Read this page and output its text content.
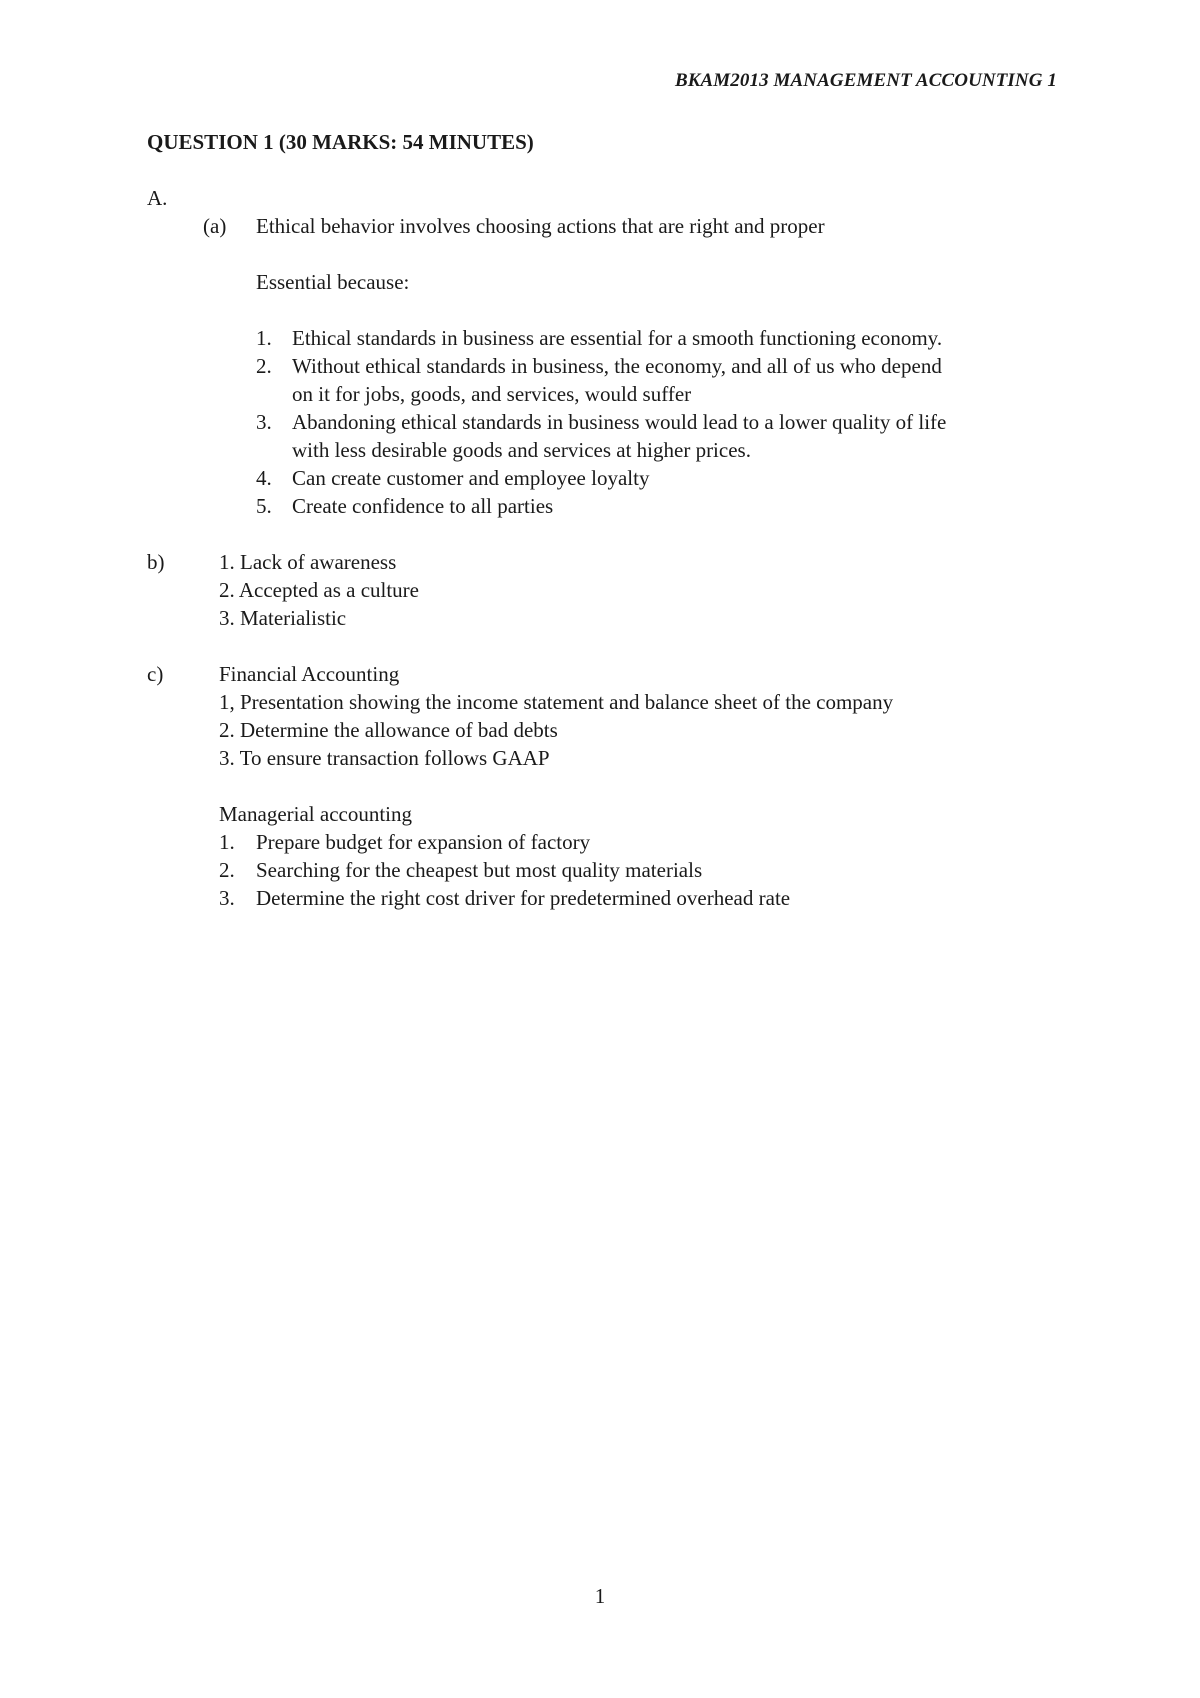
BKAM2013 MANAGEMENT ACCOUNTING 1
QUESTION 1 (30 MARKS: 54 MINUTES)
A.
(a) Ethical behavior involves choosing actions that are right and proper
Essential because:
1. Ethical standards in business are essential for a smooth functioning economy.
2. Without ethical standards in business, the economy, and all of us who depend
on it for jobs, goods, and services, would suffer
3. Abandoning ethical standards in business would lead to a lower quality of life
with less desirable goods and services at higher prices.
4. Can create customer and employee loyalty
5. Create confidence to all parties
b)	1. Lack of awareness
2. Accepted as a culture
3. Materialistic
c)	Financial Accounting
1, Presentation showing the income statement and balance sheet of the company
2. Determine the allowance of bad debts
3. To ensure transaction follows GAAP
Managerial accounting
1. Prepare budget for expansion of factory
2. Searching for the cheapest but most quality materials
3. Determine the right cost driver for predetermined overhead rate
1
